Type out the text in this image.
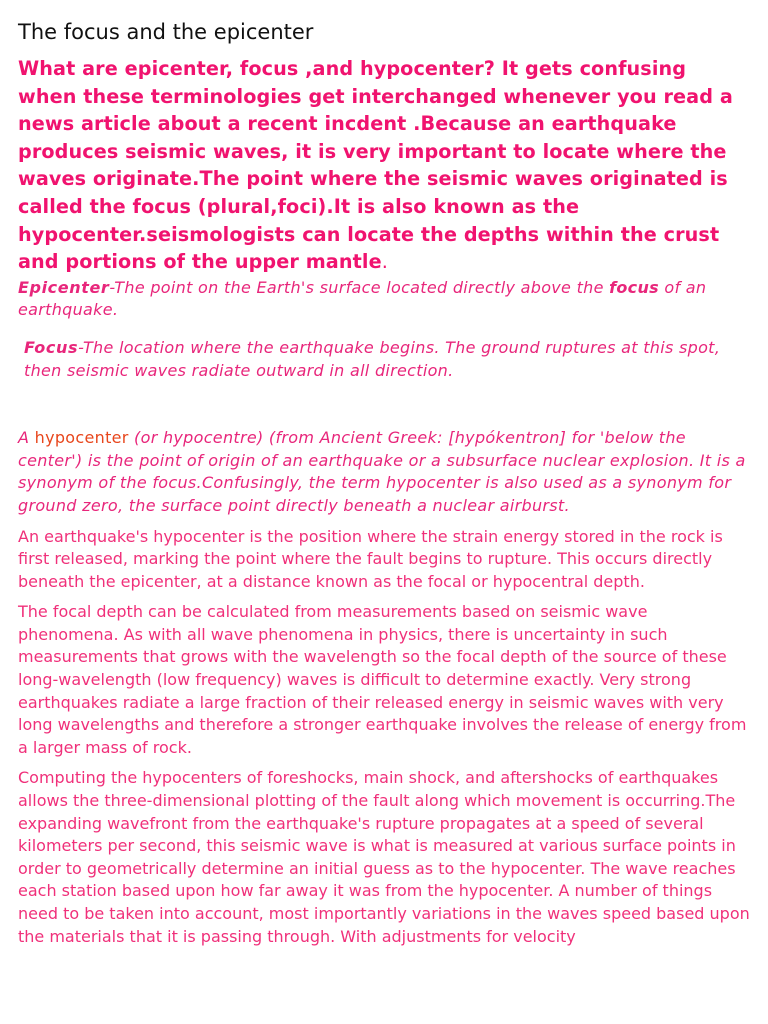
The focus and the epicenter

What are epicenter, focus ,and hypocenter? It gets confusing when these terminologies get interchanged whenever you read a news article about a recent incdent .Because an earthquake produces seismic waves, it is very important to locate where the waves originate.The point where the seismic waves originated is called the focus (plural,foci).It is also known as the hypocenter.seismologists can locate the depths within the crust and portions of the upper mantle.

Epicenter-The point on the Earth's surface located directly above the focus of an earthquake.

Focus-The location where the earthquake begins. The ground ruptures at this spot, then seismic waves radiate outward in all direction.

A hypocenter (or hypocentre) (from Ancient Greek: [hypókentron] for 'below the center') is the point of origin of an earthquake or a subsurface nuclear explosion. It is a synonym of the focus.Confusingly, the term hypocenter is also used as a synonym for ground zero, the surface point directly beneath a nuclear airburst.

An earthquake's hypocenter is the position where the strain energy stored in the rock is first released, marking the point where the fault begins to rupture. This occurs directly beneath the epicenter, at a distance known as the focal or hypocentral depth.

The focal depth can be calculated from measurements based on seismic wave phenomena. As with all wave phenomena in physics, there is uncertainty in such measurements that grows with the wavelength so the focal depth of the source of these long-wavelength (low frequency) waves is difficult to determine exactly. Very strong earthquakes radiate a large fraction of their released energy in seismic waves with very long wavelengths and therefore a stronger earthquake involves the release of energy from a larger mass of rock.

Computing the hypocenters of foreshocks, main shock, and aftershocks of earthquakes allows the three-dimensional plotting of the fault along which movement is occurring.The expanding wavefront from the earthquake's rupture propagates at a speed of several kilometers per second, this seismic wave is what is measured at various surface points in order to geometrically determine an initial guess as to the hypocenter. The wave reaches each station based upon how far away it was from the hypocenter. A number of things need to be taken into account, most importantly variations in the waves speed based upon the materials that it is passing through. With adjustments for velocity
